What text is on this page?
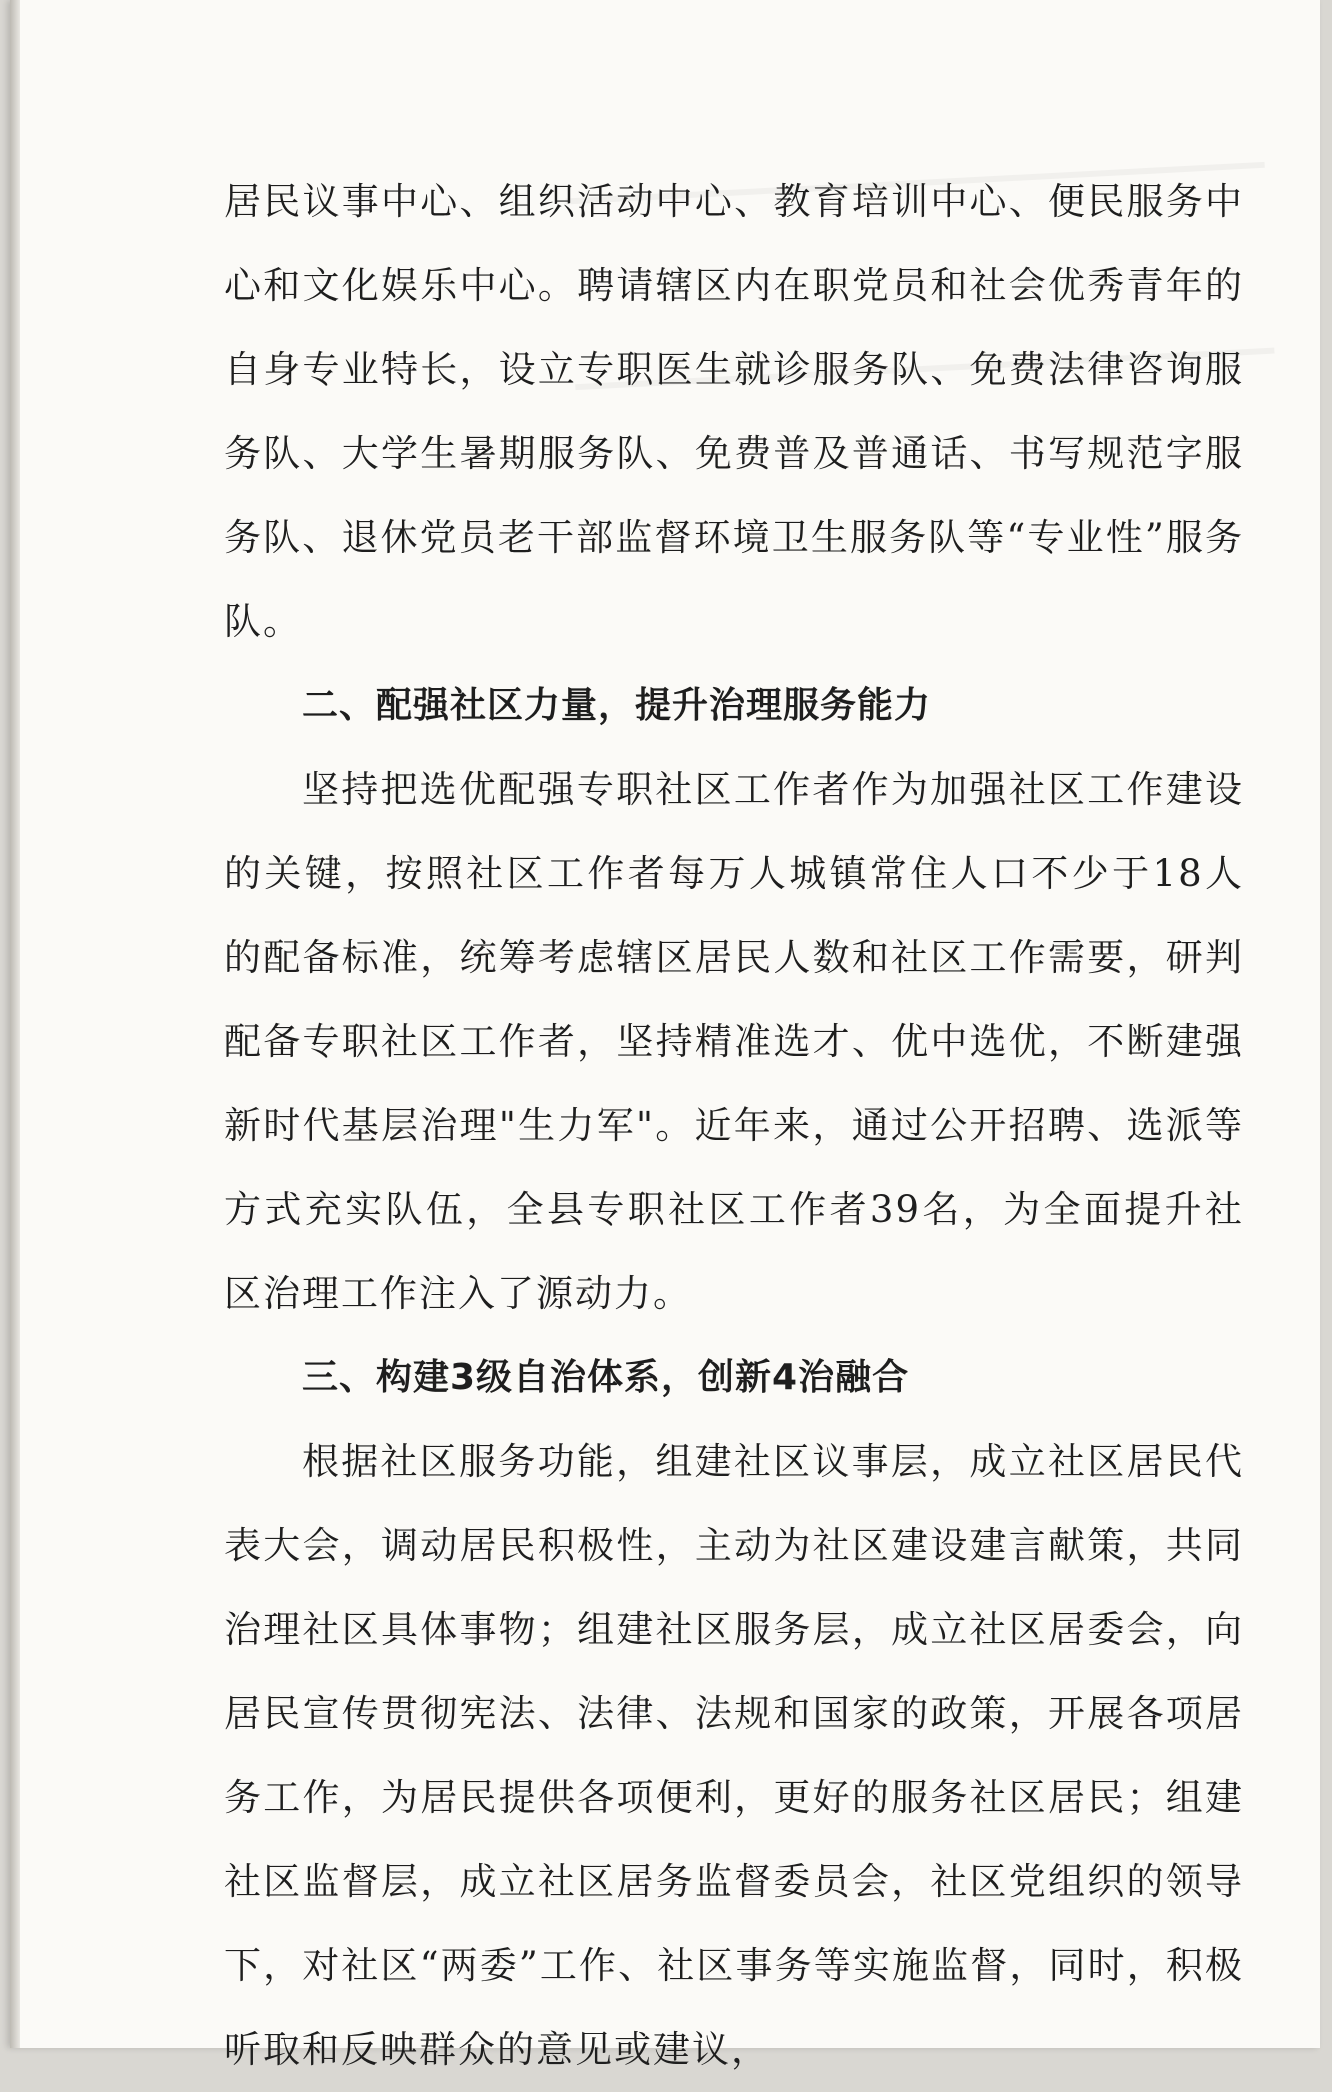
居民议事中心、组织活动中心、教育培训中心、便民服务中心和文化娱乐中心。聘请辖区内在职党员和社会优秀青年的自身专业特长，设立专职医生就诊服务队、免费法律咨询服务队、大学生暑期服务队、免费普及普通话、书写规范字服务队、退休党员老干部监督环境卫生服务队等“专业性”服务队。

二、配强社区力量，提升治理服务能力

坚持把选优配强专职社区工作者作为加强社区工作建设的关键，按照社区工作者每万人城镇常住人口不少于18人的配备标准，统筹考虑辖区居民人数和社区工作需要，研判配备专职社区工作者，坚持精准选才、优中选优，不断建强新时代基层治理"生力军"。近年来，通过公开招聘、选派等方式充实队伍，全县专职社区工作者39名，为全面提升社区治理工作注入了源动力。

三、构建3级自治体系，创新4治融合

根据社区服务功能，组建社区议事层，成立社区居民代表大会，调动居民积极性，主动为社区建设建言献策，共同治理社区具体事物；组建社区服务层，成立社区居委会，向居民宣传贯彻宪法、法律、法规和国家的政策，开展各项居务工作，为居民提供各项便利，更好的服务社区居民；组建社区监督层，成立社区居务监督委员会，社区党组织的领导下，对社区“两委”工作、社区事务等实施监督，同时，积极听取和反映群众的意见或建议，
